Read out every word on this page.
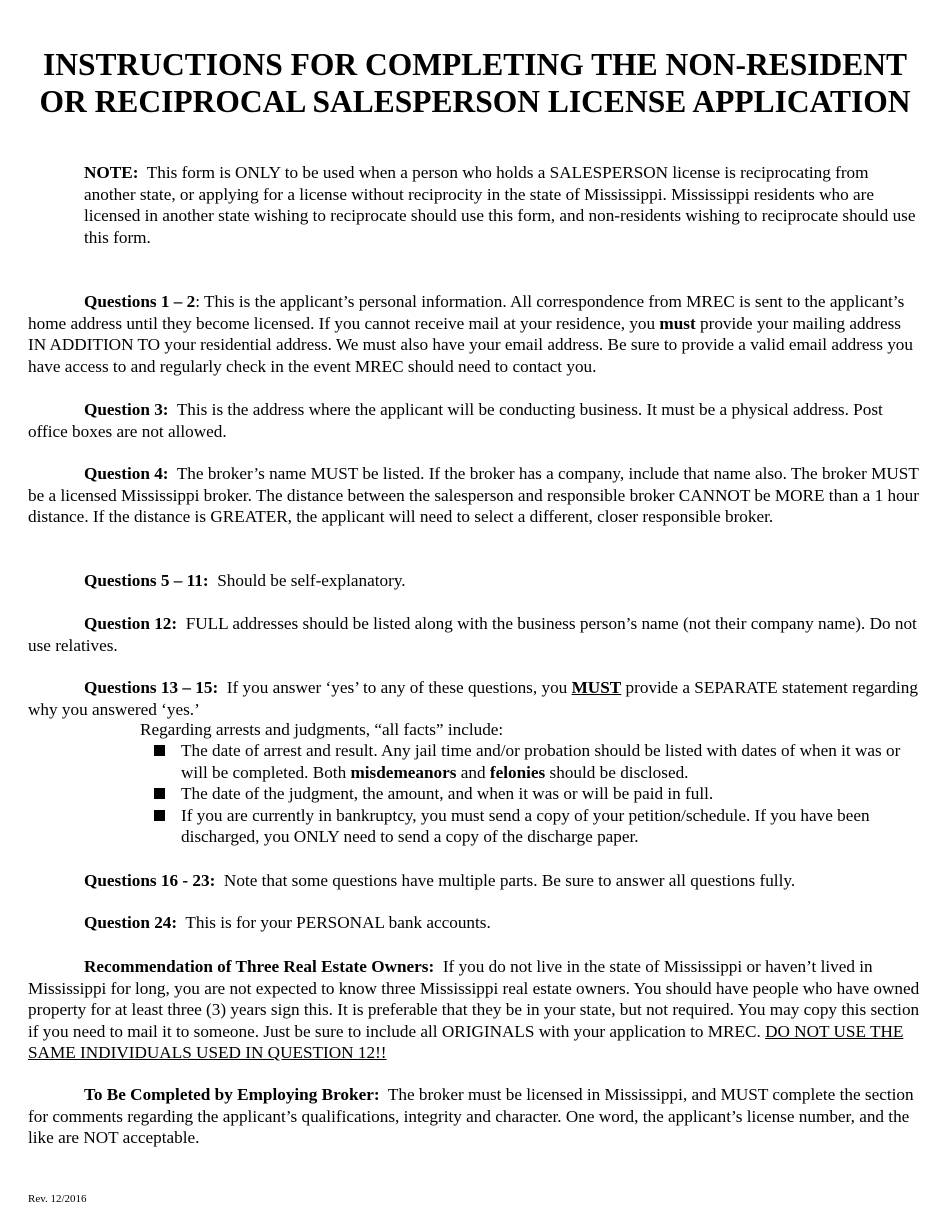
INSTRUCTIONS FOR COMPLETING THE NON-RESIDENT
OR RECIPROCAL SALESPERSON LICENSE APPLICATION

NOTE: This form is ONLY to be used when a person who holds a SALESPERSON license is reciprocating from another state, or applying for a license without reciprocity in the state of Mississippi. Mississippi residents who are licensed in another state wishing to reciprocate should use this form, and non-residents wishing to reciprocate should use this form.

Questions 1 – 2: This is the applicant’s personal information. All correspondence from MREC is sent to the applicant’s home address until they become licensed. If you cannot receive mail at your residence, you must provide your mailing address IN ADDITION TO your residential address. We must also have your email address. Be sure to provide a valid email address you have access to and regularly check in the event MREC should need to contact you.

Question 3: This is the address where the applicant will be conducting business. It must be a physical address. Post office boxes are not allowed.

Question 4: The broker’s name MUST be listed. If the broker has a company, include that name also. The broker MUST be a licensed Mississippi broker. The distance between the salesperson and responsible broker CANNOT be MORE than a 1 hour distance. If the distance is GREATER, the applicant will need to select a different, closer responsible broker.

Questions 5 – 11: Should be self-explanatory.

Question 12: FULL addresses should be listed along with the business person’s name (not their company name). Do not use relatives.

Questions 13 – 15: If you answer ‘yes’ to any of these questions, you MUST provide a SEPARATE statement regarding why you answered ‘yes.’

Regarding arrests and judgments, “all facts” include:

The date of arrest and result. Any jail time and/or probation should be listed with dates of when it was or will be completed. Both misdemeanors and felonies should be disclosed.
The date of the judgment, the amount, and when it was or will be paid in full.
If you are currently in bankruptcy, you must send a copy of your petition/schedule. If you have been discharged, you ONLY need to send a copy of the discharge paper.

Questions 16 - 23: Note that some questions have multiple parts. Be sure to answer all questions fully.

Question 24: This is for your PERSONAL bank accounts.

Recommendation of Three Real Estate Owners: If you do not live in the state of Mississippi or haven’t lived in Mississippi for long, you are not expected to know three Mississippi real estate owners. You should have people who have owned property for at least three (3) years sign this. It is preferable that they be in your state, but not required. You may copy this section if you need to mail it to someone. Just be sure to include all ORIGINALS with your application to MREC. DO NOT USE THE SAME INDIVIDUALS USED IN QUESTION 12!!

To Be Completed by Employing Broker: The broker must be licensed in Mississippi, and MUST complete the section for comments regarding the applicant’s qualifications, integrity and character. One word, the applicant’s license number, and the like are NOT acceptable.

Rev. 12/2016
